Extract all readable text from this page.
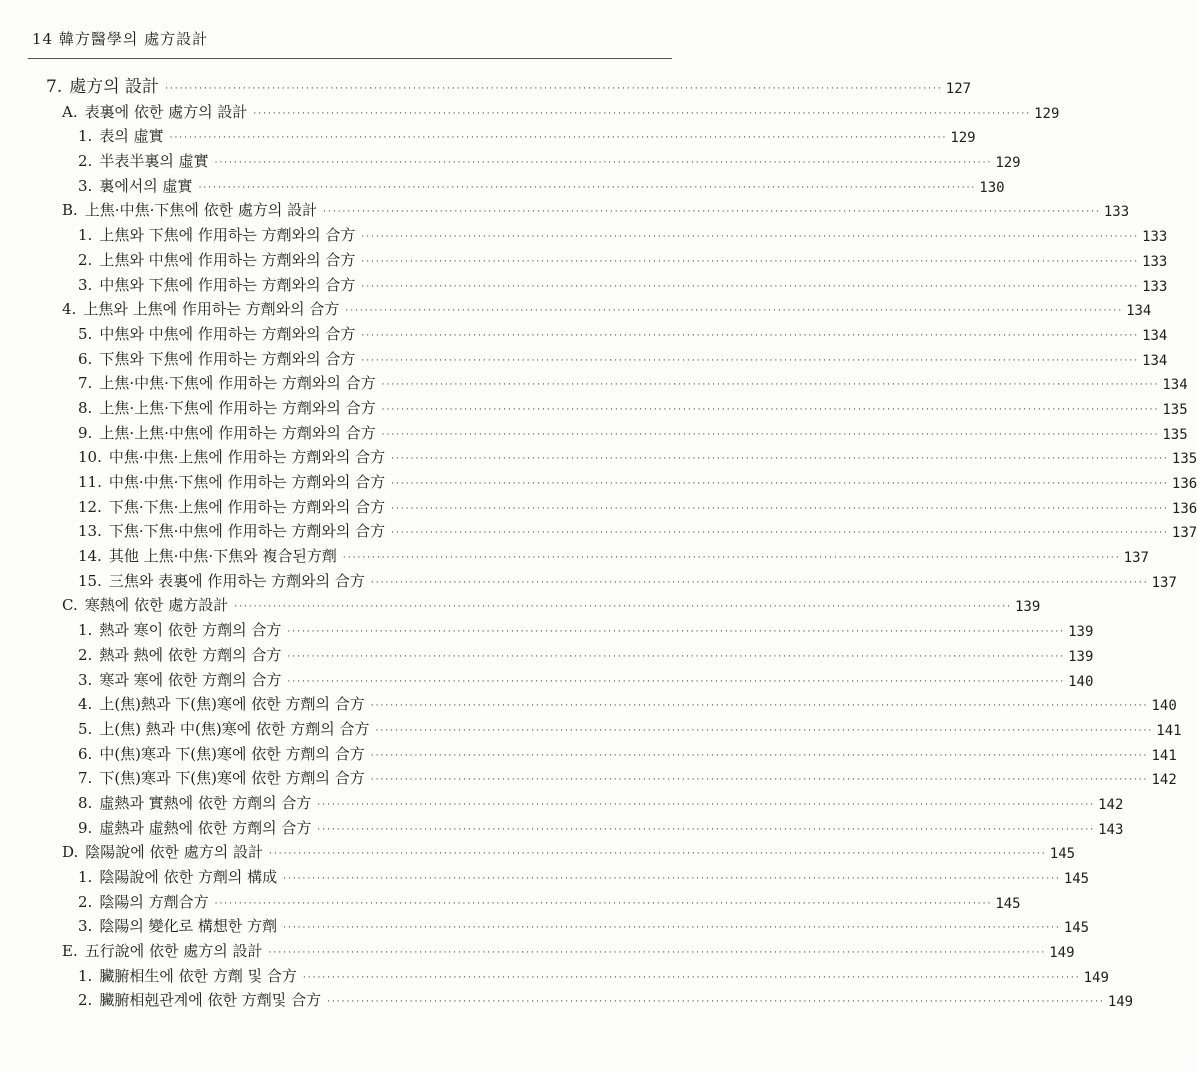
14 韓方醫學의 處方設計
7. 處方의 設計 ································································································································································ 127
A. 表裏에 依한 處方의 設計 ································································································································································ 129
1. 表의 虛實 ································································································································································ 129
2. 半表半裏의 虛實 ································································································································································ 129
3. 裏에서의 虛實 ································································································································································ 130
B. 上焦·中焦·下焦에 依한 處方의 設計 ································································································································································ 133
1. 上焦와 下焦에 作用하는 方劑와의 合方 ································································································································································ 133
2. 上焦와 中焦에 作用하는 方劑와의 合方 ································································································································································ 133
3. 中焦와 下焦에 作用하는 方劑와의 合方 ································································································································································ 133
4. 上焦와 上焦에 作用하는 方劑와의 合方 ································································································································································ 134
5. 中焦와 中焦에 作用하는 方劑와의 合方 ································································································································································ 134
6. 下焦와 下焦에 作用하는 方劑와의 合方 ································································································································································ 134
7. 上焦·中焦·下焦에 作用하는 方劑와의 合方 ································································································································································ 134
8. 上焦·上焦·下焦에 作用하는 方劑와의 合方 ································································································································································ 135
9. 上焦·上焦·中焦에 作用하는 方劑와의 合方 ································································································································································ 135
10. 中焦·中焦·上焦에 作用하는 方劑와의 合方 ································································································································································ 135
11. 中焦·中焦·下焦에 作用하는 方劑와의 合方 ································································································································································ 136
12. 下焦·下焦·上焦에 作用하는 方劑와의 合方 ································································································································································ 136
13. 下焦·下焦·中焦에 作用하는 方劑와의 合方 ································································································································································ 137
14. 其他 上焦·中焦·下焦와 複合된方劑 ································································································································································ 137
15. 三焦와 表裏에 作用하는 方劑와의 合方 ································································································································································ 137
C. 寒熱에 依한 處方設計 ································································································································································ 139
1. 熱과 寒이 依한 方劑의 合方 ································································································································································ 139
2. 熱과 熱에 依한 方劑의 合方 ································································································································································ 139
3. 寒과 寒에 依한 方劑의 合方 ································································································································································ 140
4. 上(焦)熱과 下(焦)寒에 依한 方劑의 合方 ································································································································································ 140
5. 上(焦) 熱과 中(焦)寒에 依한 方劑의 合方 ································································································································································ 141
6. 中(焦)寒과 下(焦)寒에 依한 方劑의 合方 ································································································································································ 141
7. 下(焦)寒과 下(焦)寒에 依한 方劑의 合方 ································································································································································ 142
8. 虛熱과 實熱에 依한 方劑의 合方 ································································································································································ 142
9. 虛熱과 虛熱에 依한 方劑의 合方 ································································································································································ 143
D. 陰陽說에 依한 處方의 設計 ································································································································································ 145
1. 陰陽說에 依한 方劑의 構成 ································································································································································ 145
2. 陰陽의 方劑合方 ································································································································································ 145
3. 陰陽의 變化로 構想한 方劑 ································································································································································ 145
E. 五行說에 依한 處方의 設計 ································································································································································ 149
1. 臟腑相生에 依한 方劑 및 合方 ································································································································································ 149
2. 臟腑相剋관계에 依한 方劑및 合方 ································································································································································ 149
